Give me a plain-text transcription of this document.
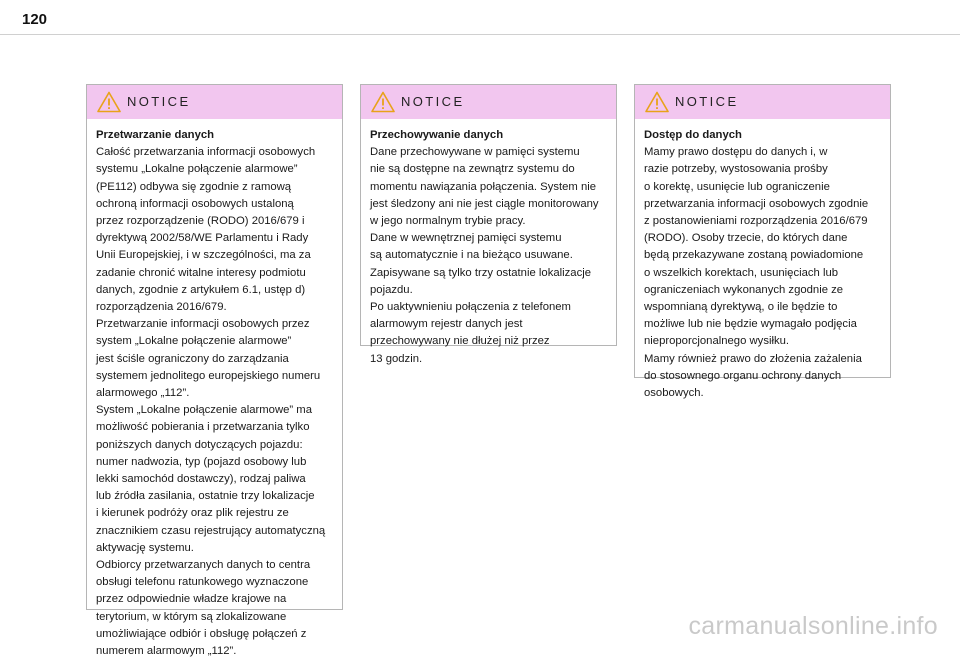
120
NOTICE
Przetwarzanie danych
Całość przetwarzania informacji osobowych
systemu „Lokalne połączenie alarmowe”
(PE112) odbywa się zgodnie z ramową
ochroną informacji osobowych ustaloną
przez rozporządzenie (RODO) 2016/679 i
dyrektywą 2002/58/WE Parlamentu i Rady
Unii Europejskiej, i w szczególności, ma za
zadanie chronić witalne interesy podmiotu
danych, zgodnie z artykułem 6.1, ustęp d)
rozporządzenia 2016/679.
Przetwarzanie informacji osobowych przez
system „Lokalne połączenie alarmowe”
jest ściśle ograniczony do zarządzania
systemem jednolitego europejskiego numeru
alarmowego „112”.
System „Lokalne połączenie alarmowe” ma
możliwość pobierania i przetwarzania tylko
poniższych danych dotyczących pojazdu:
numer nadwozia, typ (pojazd osobowy lub
lekki samochód dostawczy), rodzaj paliwa
lub źródła zasilania, ostatnie trzy lokalizacje
i kierunek podróży oraz plik rejestru ze
znacznikiem czasu rejestrujący automatyczną
aktywację systemu.
Odbiorcy przetwarzanych danych to centra
obsługi telefonu ratunkowego wyznaczone
przez odpowiednie władze krajowe na
terytorium, w którym są zlokalizowane
umożliwiające odbiór i obsługę połączeń z
numerem alarmowym „112”.
NOTICE
Przechowywanie danych
Dane przechowywane w pamięci systemu
nie są dostępne na zewnątrz systemu do
momentu nawiązania połączenia. System nie
jest śledzony ani nie jest ciągle monitorowany
w jego normalnym trybie pracy.
Dane w wewnętrznej pamięci systemu
są automatycznie i na bieżąco usuwane.
Zapisywane są tylko trzy ostatnie lokalizacje
pojazdu.
Po uaktywnieniu połączenia z telefonem
alarmowym rejestr danych jest
przechowywany nie dłużej niż przez
13 godzin.
NOTICE
Dostęp do danych
Mamy prawo dostępu do danych i, w
razie potrzeby, wystosowania prośby
o korektę, usunięcie lub ograniczenie
przetwarzania informacji osobowych zgodnie
z postanowieniami rozporządzenia 2016/679
(RODO). Osoby trzecie, do których dane
będą przekazywane zostaną powiadomione
o wszelkich korektach, usunięciach lub
ograniczeniach wykonanych zgodnie ze
wspomnianą dyrektywą, o ile będzie to
możliwe lub nie będzie wymagało podjęcia
nieproporcjonalnego wysiłku.
Mamy również prawo do złożenia zażalenia
do stosownego organu ochrony danych
osobowych.
carmanualsonline.info
